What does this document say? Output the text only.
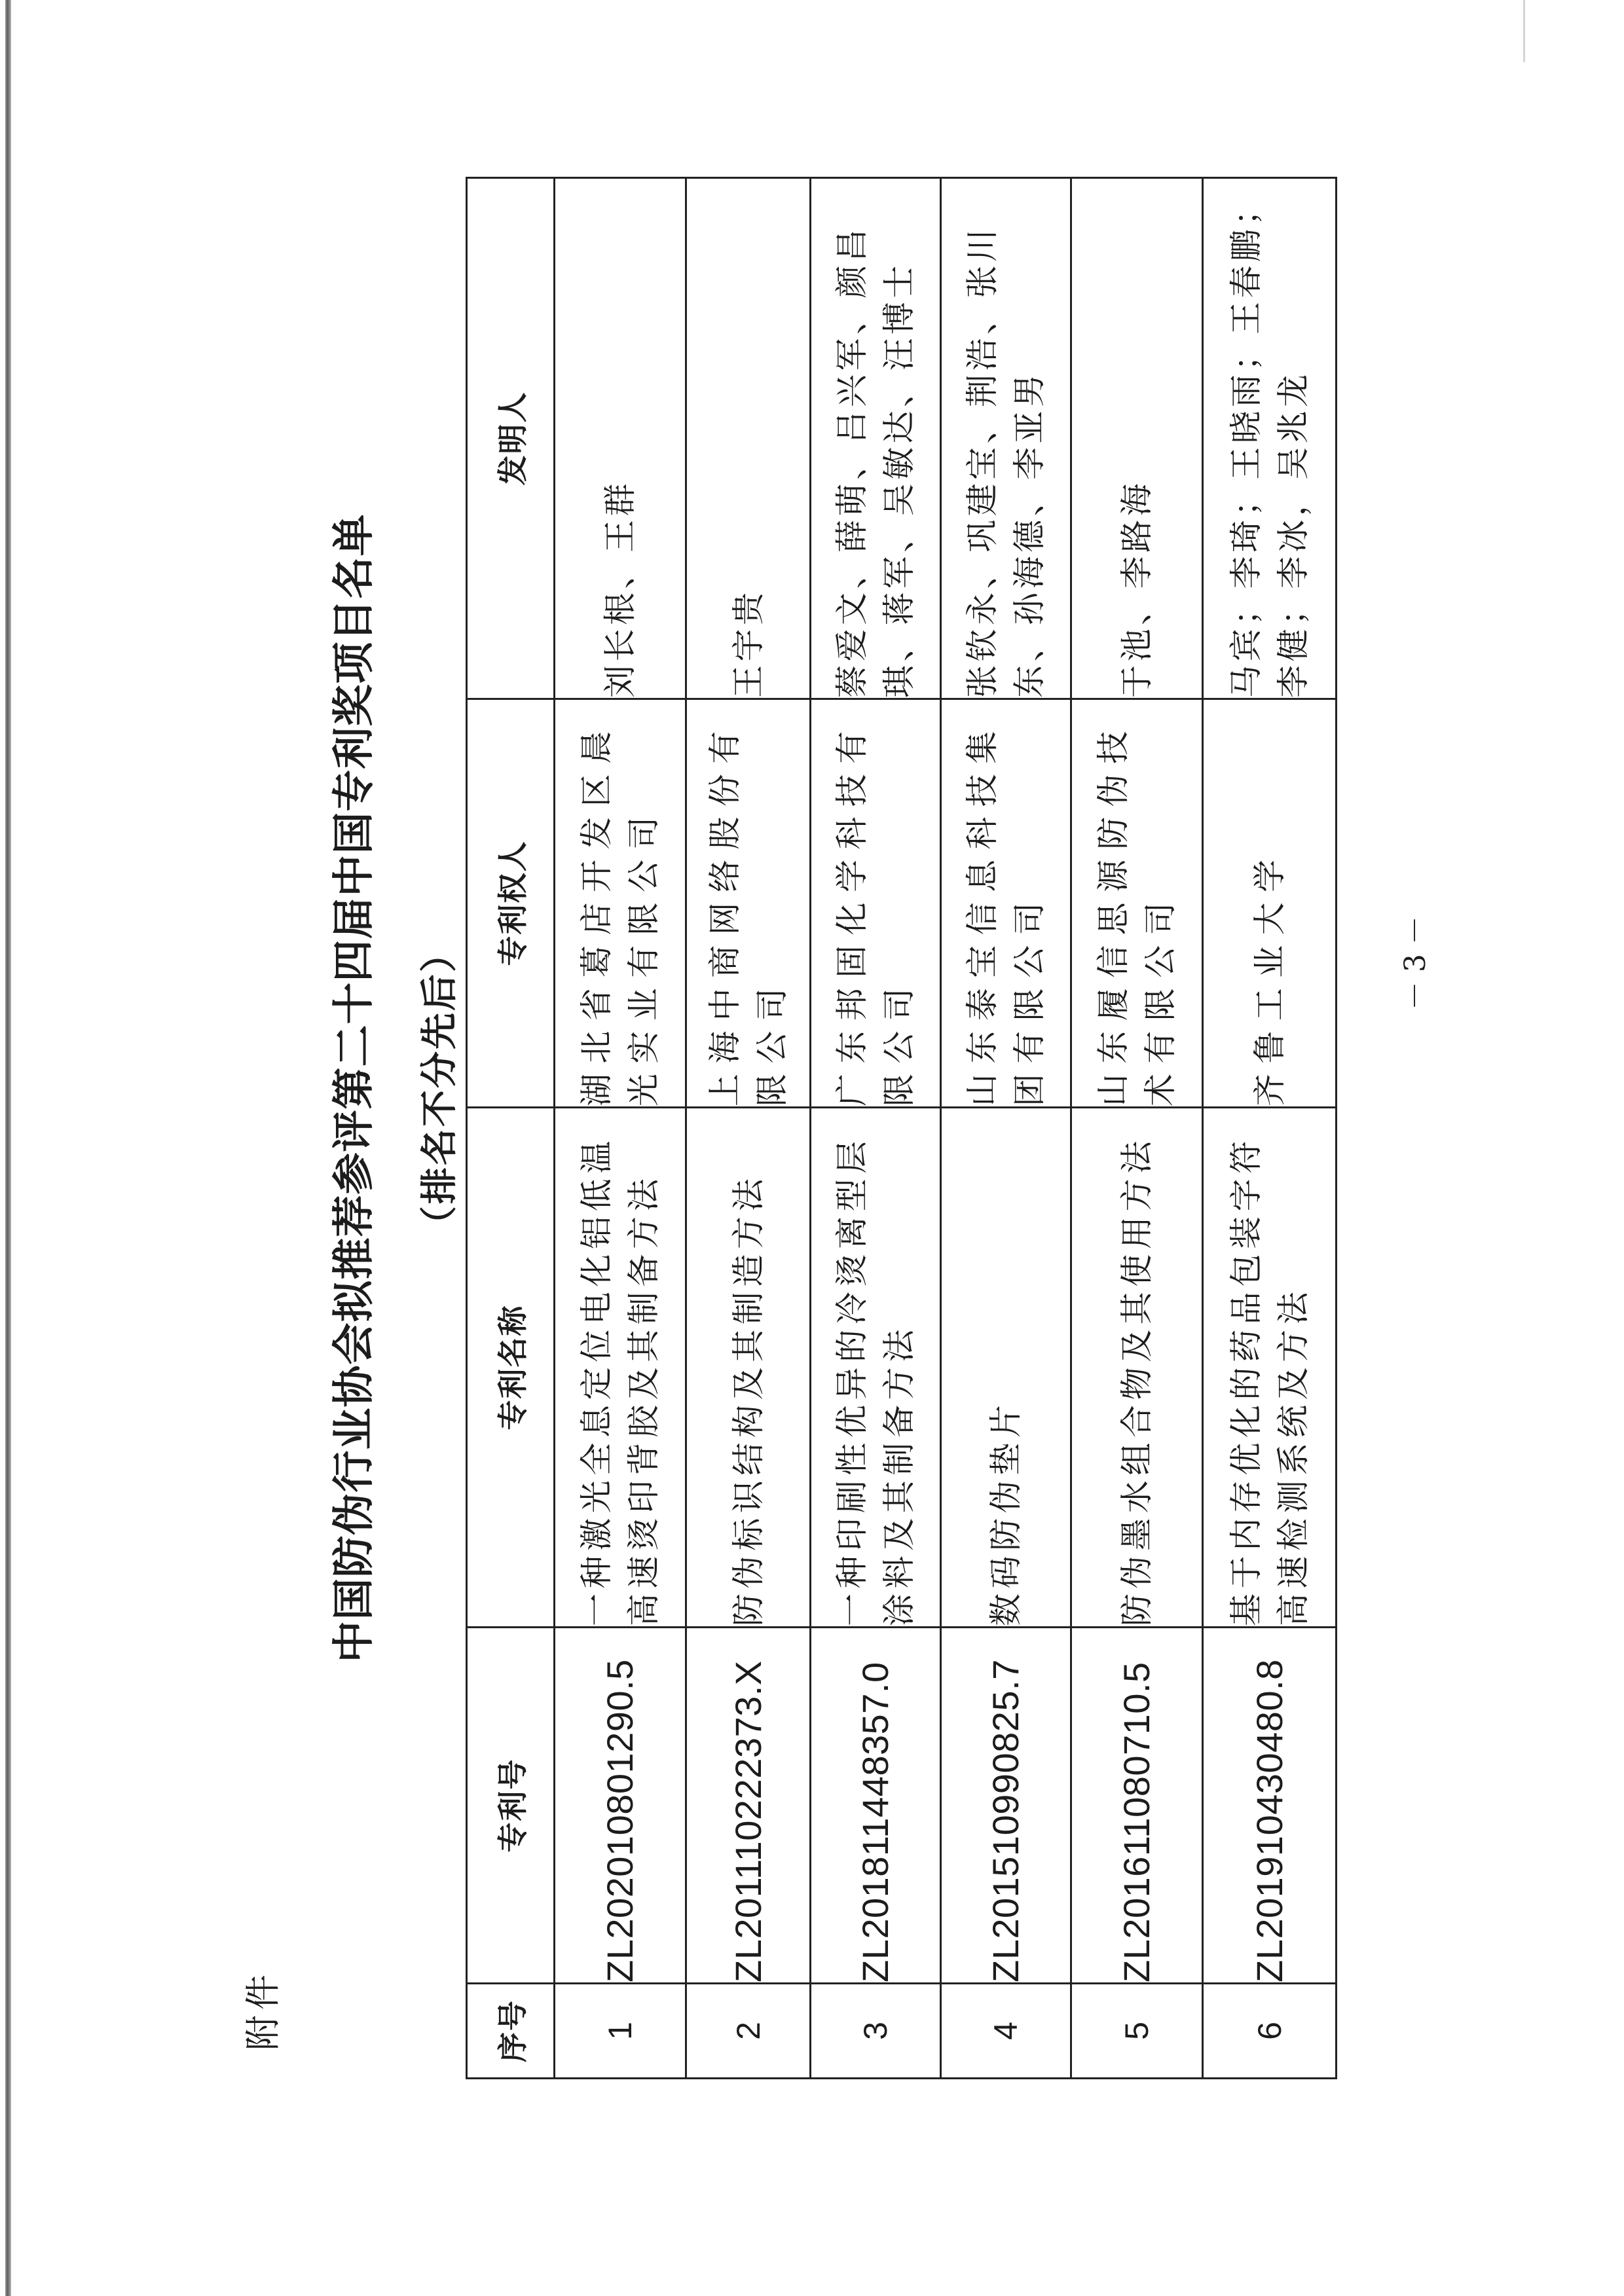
附件
中国防伪行业协会拟推荐参评第二十四届中国专利奖项目名单 （排名不分先后）
序号	专利号	专利名称	专利权人	发明人

1	ZL202010801290.5	一种激光全息定位电化铝低温 高速烫印背胶及其制备方法	湖北省葛店开发区晨 光实业有限公司	刘长根、王群

2	ZL201110222373.X	防伪标识结构及其制造方法	上海中商网络股份有 限公司	王宇贵

3	ZL201811448357.0	一种印刷性优异的冷烫离型层 涂料及其制备方法	广东邦固化学科技有 限公司	蔡爱文、薛萌、吕兴军、颜昌 琪、蒋军、吴敏达、汪博士

4	ZL201510990825.7	数码防伪垫片	山东泰宝信息科技集 团有限公司	张钦永、巩建宝、荆浩、张川 东、孙海德、李亚男

5	ZL201611080710.5	防伪墨水组合物及其使用方法	山东履信思源防伪技 术有限公司	于池、李路海

6	ZL201910430480.8	基于内存优化的药品包装字符 高速检测系统及方法	齐鲁工业大学	马宾；李琦；王晓雨；王春鹏； 李健；李冰，吴兆龙
－ 3 －
